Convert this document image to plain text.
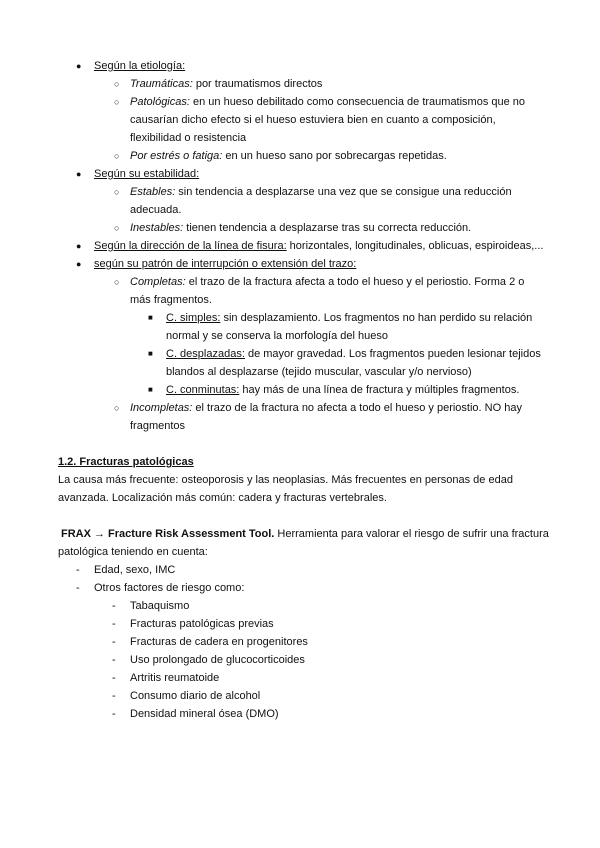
● Según la etiología:
○ Traumáticas: por traumatismos directos
○ Patológicas: en un hueso debilitado como consecuencia de traumatismos que no
causarían dicho efecto si el hueso estuviera bien en cuanto a composición,
flexibilidad o resistencia
○ Por estrés o fatiga: en un hueso sano por sobrecargas repetidas.
● Según su estabilidad:
○ Estables: sin tendencia a desplazarse una vez que se consigue una reducción
adecuada.
○ Inestables: tienen tendencia a desplazarse tras su correcta reducción.
● Según la dirección de la línea de fisura: horizontales, longitudinales, oblicuas, espiroideas,...
● según su patrón de interrupción o extensión del trazo:
○ Completas: el trazo de la fractura afecta a todo el hueso y el periostio. Forma 2 o
más fragmentos.
■ C. simples: sin desplazamiento. Los fragmentos no han perdido su relación
normal y se conserva la morfología del hueso
■ C. desplazadas: de mayor gravedad. Los fragmentos pueden lesionar tejidos
blandos al desplazarse (tejido muscular, vascular y/o nervioso)
■ C. conminutas: hay más de una línea de fractura y múltiples fragmentos.
○ Incompletas: el trazo de la fractura no afecta a todo el hueso y periostio. NO hay
fragmentos
1.2. Fracturas patológicas
La causa más frecuente: osteoporosis y las neoplasias. Más frecuentes en personas de edad
avanzada. Localización más común: cadera y fracturas vertebrales.
FRAX → Fracture Risk Assessment Tool. Herramienta para valorar el riesgo de sufrir una fractura
patológica teniendo en cuenta:
- Edad, sexo, IMC
- Otros factores de riesgo como:
- Tabaquismo
- Fracturas patológicas previas
- Fracturas de cadera en progenitores
- Uso prolongado de glucocorticoides
- Artritis reumatoide
- Consumo diario de alcohol
- Densidad mineral ósea (DMO)
